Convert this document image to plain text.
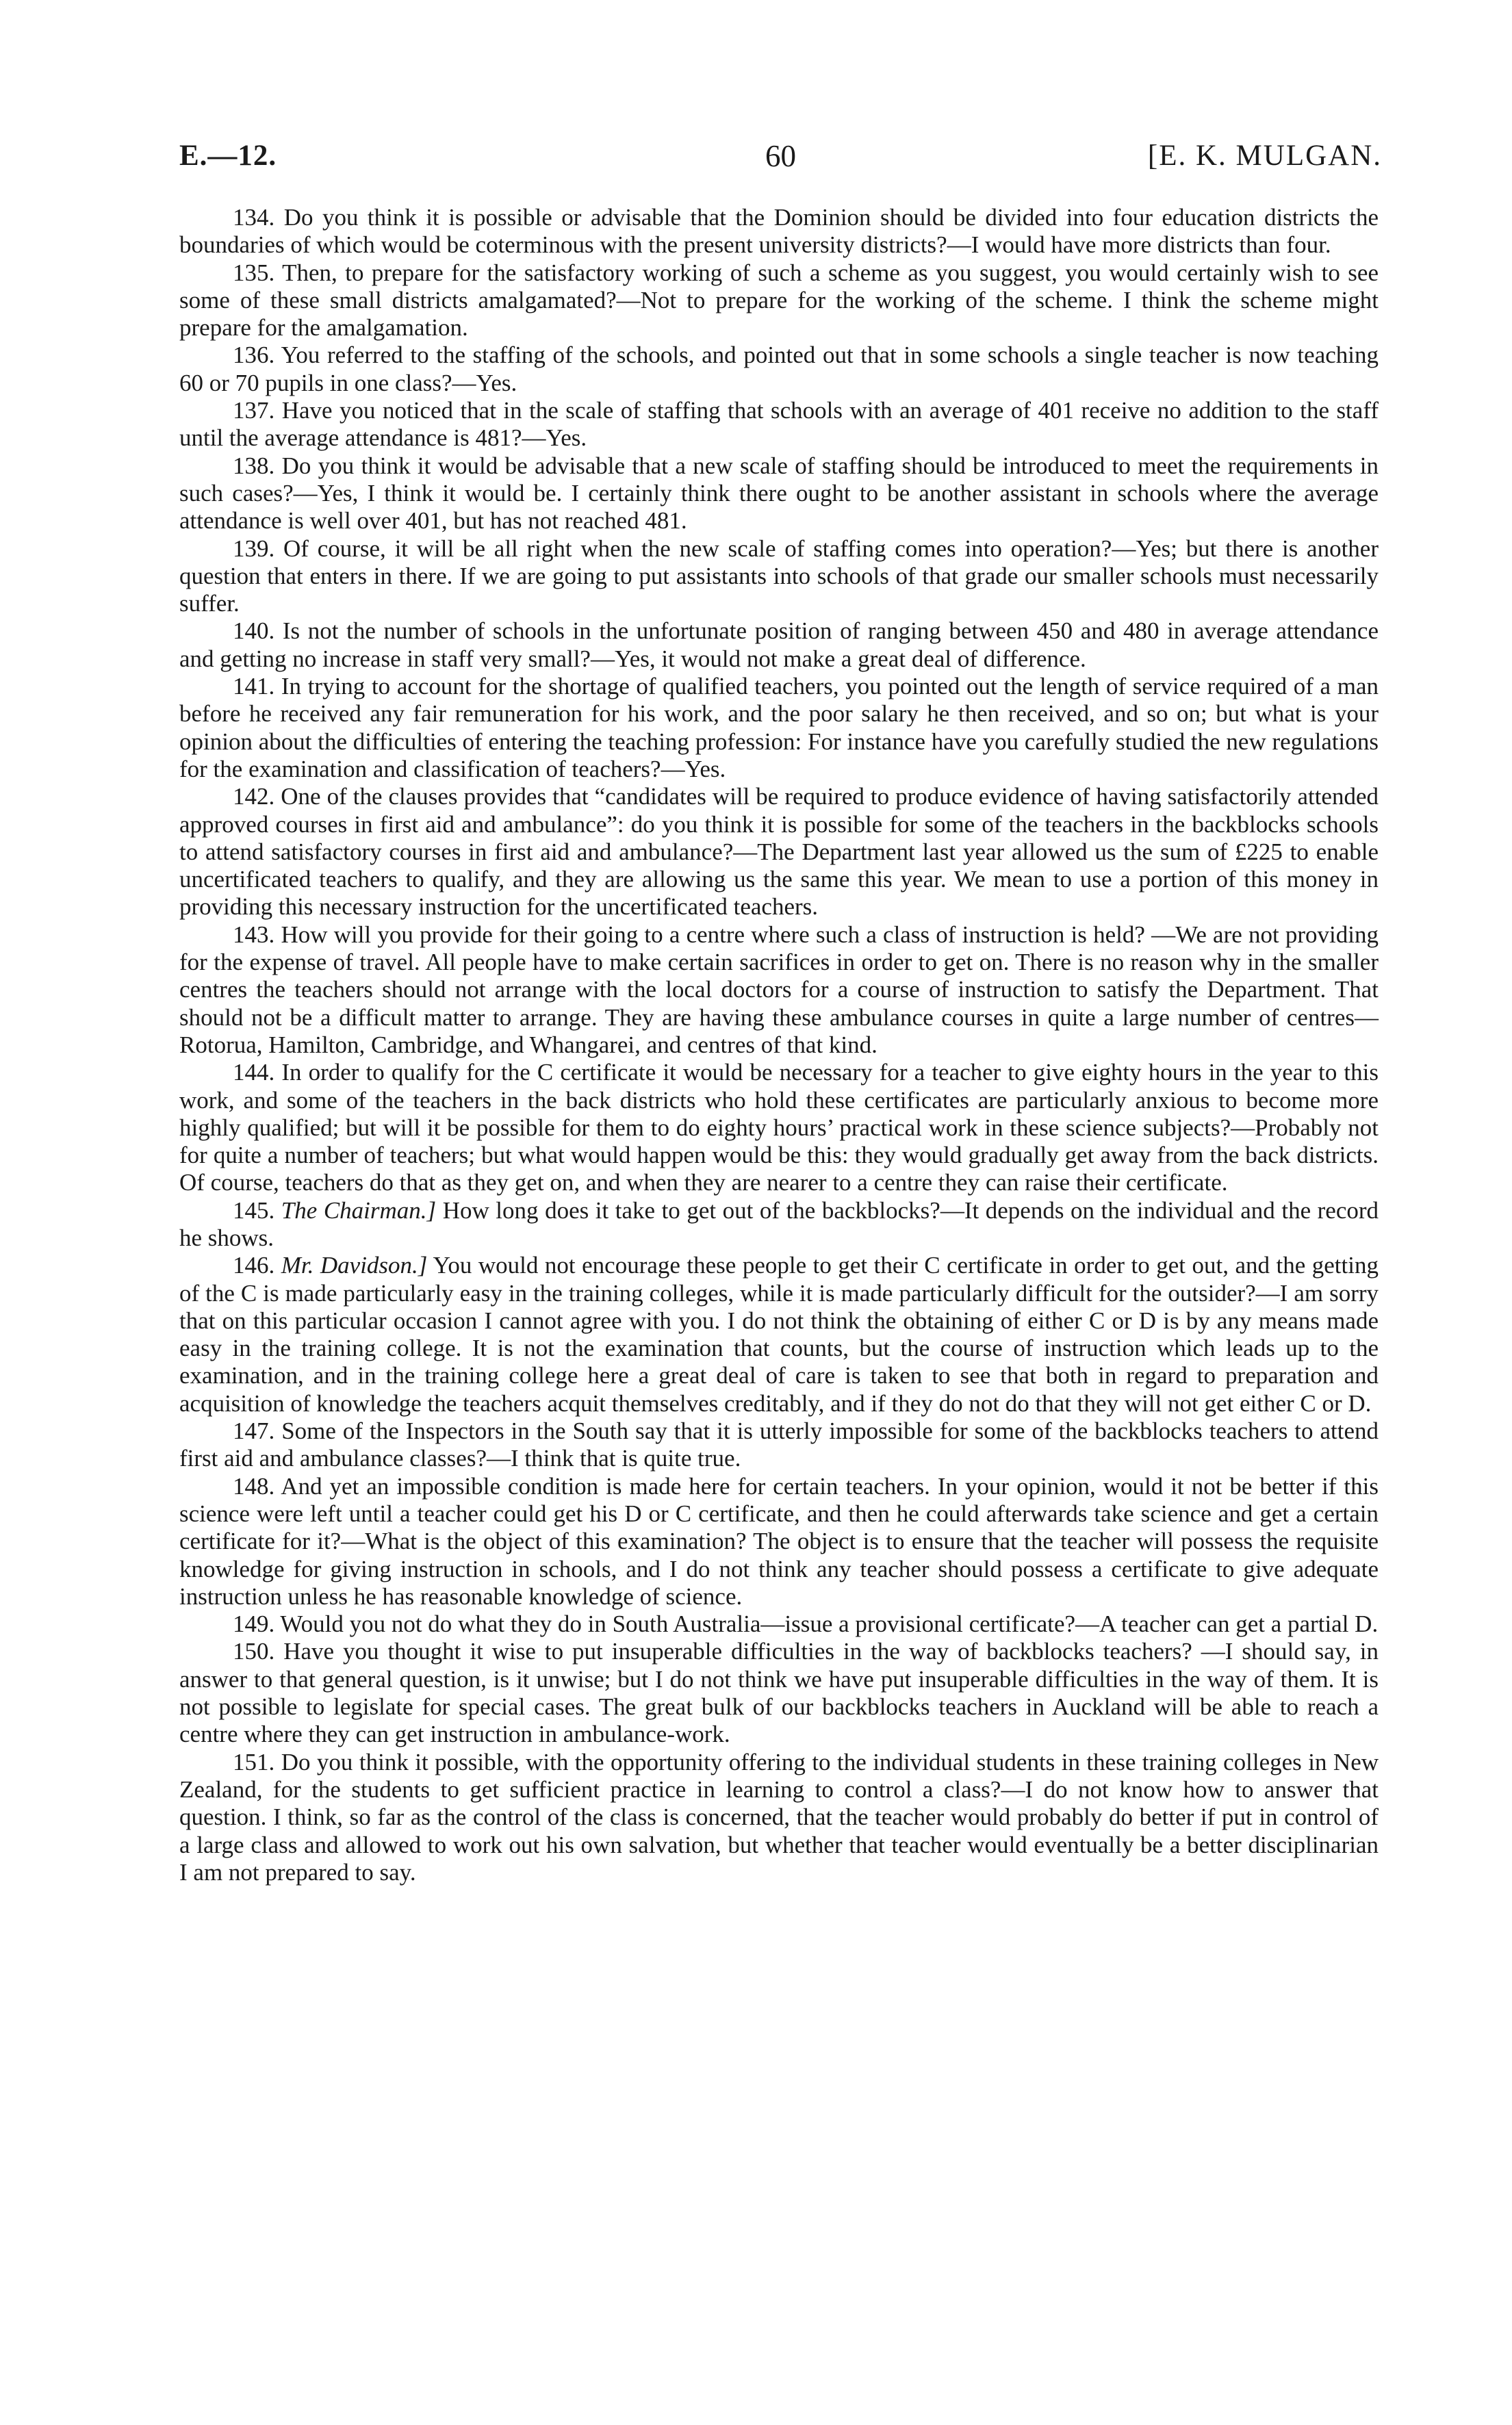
E.—12.	60	[E. K. MULGAN.

134. Do you think it is possible or advisable that the Dominion should be divided into four education districts the boundaries of which would be coterminous with the present university districts?—I would have more districts than four.

135. Then, to prepare for the satisfactory working of such a scheme as you suggest, you would certainly wish to see some of these small districts amalgamated?—Not to prepare for the working of the scheme. I think the scheme might prepare for the amalgamation.

136. You referred to the staffing of the schools, and pointed out that in some schools a single teacher is now teaching 60 or 70 pupils in one class?—Yes.

137. Have you noticed that in the scale of staffing that schools with an average of 401 receive no addition to the staff until the average attendance is 481?—Yes.

138. Do you think it would be advisable that a new scale of staffing should be introduced to meet the requirements in such cases?—Yes, I think it would be. I certainly think there ought to be another assistant in schools where the average attendance is well over 401, but has not reached 481.

139. Of course, it will be all right when the new scale of staffing comes into operation?—Yes; but there is another question that enters in there. If we are going to put assistants into schools of that grade our smaller schools must necessarily suffer.

140. Is not the number of schools in the unfortunate position of ranging between 450 and 480 in average attendance and getting no increase in staff very small?—Yes, it would not make a great deal of difference.

141. In trying to account for the shortage of qualified teachers, you pointed out the length of service required of a man before he received any fair remuneration for his work, and the poor salary he then received, and so on; but what is your opinion about the difficulties of entering the teaching profession: For instance have you carefully studied the new regulations for the examination and classification of teachers?—Yes.

142. One of the clauses provides that “candidates will be required to produce evidence of having satisfactorily attended approved courses in first aid and ambulance”: do you think it is possible for some of the teachers in the backblocks schools to attend satisfactory courses in first aid and ambulance?—The Department last year allowed us the sum of £225 to enable uncertificated teachers to qualify, and they are allowing us the same this year. We mean to use a portion of this money in providing this necessary instruction for the uncertificated teachers.

143. How will you provide for their going to a centre where such a class of instruction is held? —We are not providing for the expense of travel. All people have to make certain sacrifices in order to get on. There is no reason why in the smaller centres the teachers should not arrange with the local doctors for a course of instruction to satisfy the Department. That should not be a difficult matter to arrange. They are having these ambulance courses in quite a large number of centres—Rotorua, Hamilton, Cambridge, and Whangarei, and centres of that kind.

144. In order to qualify for the C certificate it would be necessary for a teacher to give eighty hours in the year to this work, and some of the teachers in the back districts who hold these certificates are particularly anxious to become more highly qualified; but will it be possible for them to do eighty hours’ practical work in these science subjects?—Probably not for quite a number of teachers; but what would happen would be this: they would gradually get away from the back districts. Of course, teachers do that as they get on, and when they are nearer to a centre they can raise their certificate.

145. The Chairman.] How long does it take to get out of the backblocks?—It depends on the individual and the record he shows.

146. Mr. Davidson.] You would not encourage these people to get their C certificate in order to get out, and the getting of the C is made particularly easy in the training colleges, while it is made particularly difficult for the outsider?—I am sorry that on this particular occasion I cannot agree with you. I do not think the obtaining of either C or D is by any means made easy in the training college. It is not the examination that counts, but the course of instruction which leads up to the examination, and in the training college here a great deal of care is taken to see that both in regard to preparation and acquisition of knowledge the teachers acquit themselves creditably, and if they do not do that they will not get either C or D.

147. Some of the Inspectors in the South say that it is utterly impossible for some of the backblocks teachers to attend first aid and ambulance classes?—I think that is quite true.

148. And yet an impossible condition is made here for certain teachers. In your opinion, would it not be better if this science were left until a teacher could get his D or C certificate, and then he could afterwards take science and get a certain certificate for it?—What is the object of this examination? The object is to ensure that the teacher will possess the requisite knowledge for giving instruction in schools, and I do not think any teacher should possess a certificate to give adequate instruction unless he has reasonable knowledge of science.

149. Would you not do what they do in South Australia—issue a provisional certificate?—A teacher can get a partial D.

150. Have you thought it wise to put insuperable difficulties in the way of backblocks teachers? —I should say, in answer to that general question, is it unwise; but I do not think we have put insuperable difficulties in the way of them. It is not possible to legislate for special cases. The great bulk of our backblocks teachers in Auckland will be able to reach a centre where they can get instruction in ambulance-work.

151. Do you think it possible, with the opportunity offering to the individual students in these training colleges in New Zealand, for the students to get sufficient practice in learning to control a class?—I do not know how to answer that question. I think, so far as the control of the class is concerned, that the teacher would probably do better if put in control of a large class and allowed to work out his own salvation, but whether that teacher would eventually be a better disciplinarian I am not prepared to say.
